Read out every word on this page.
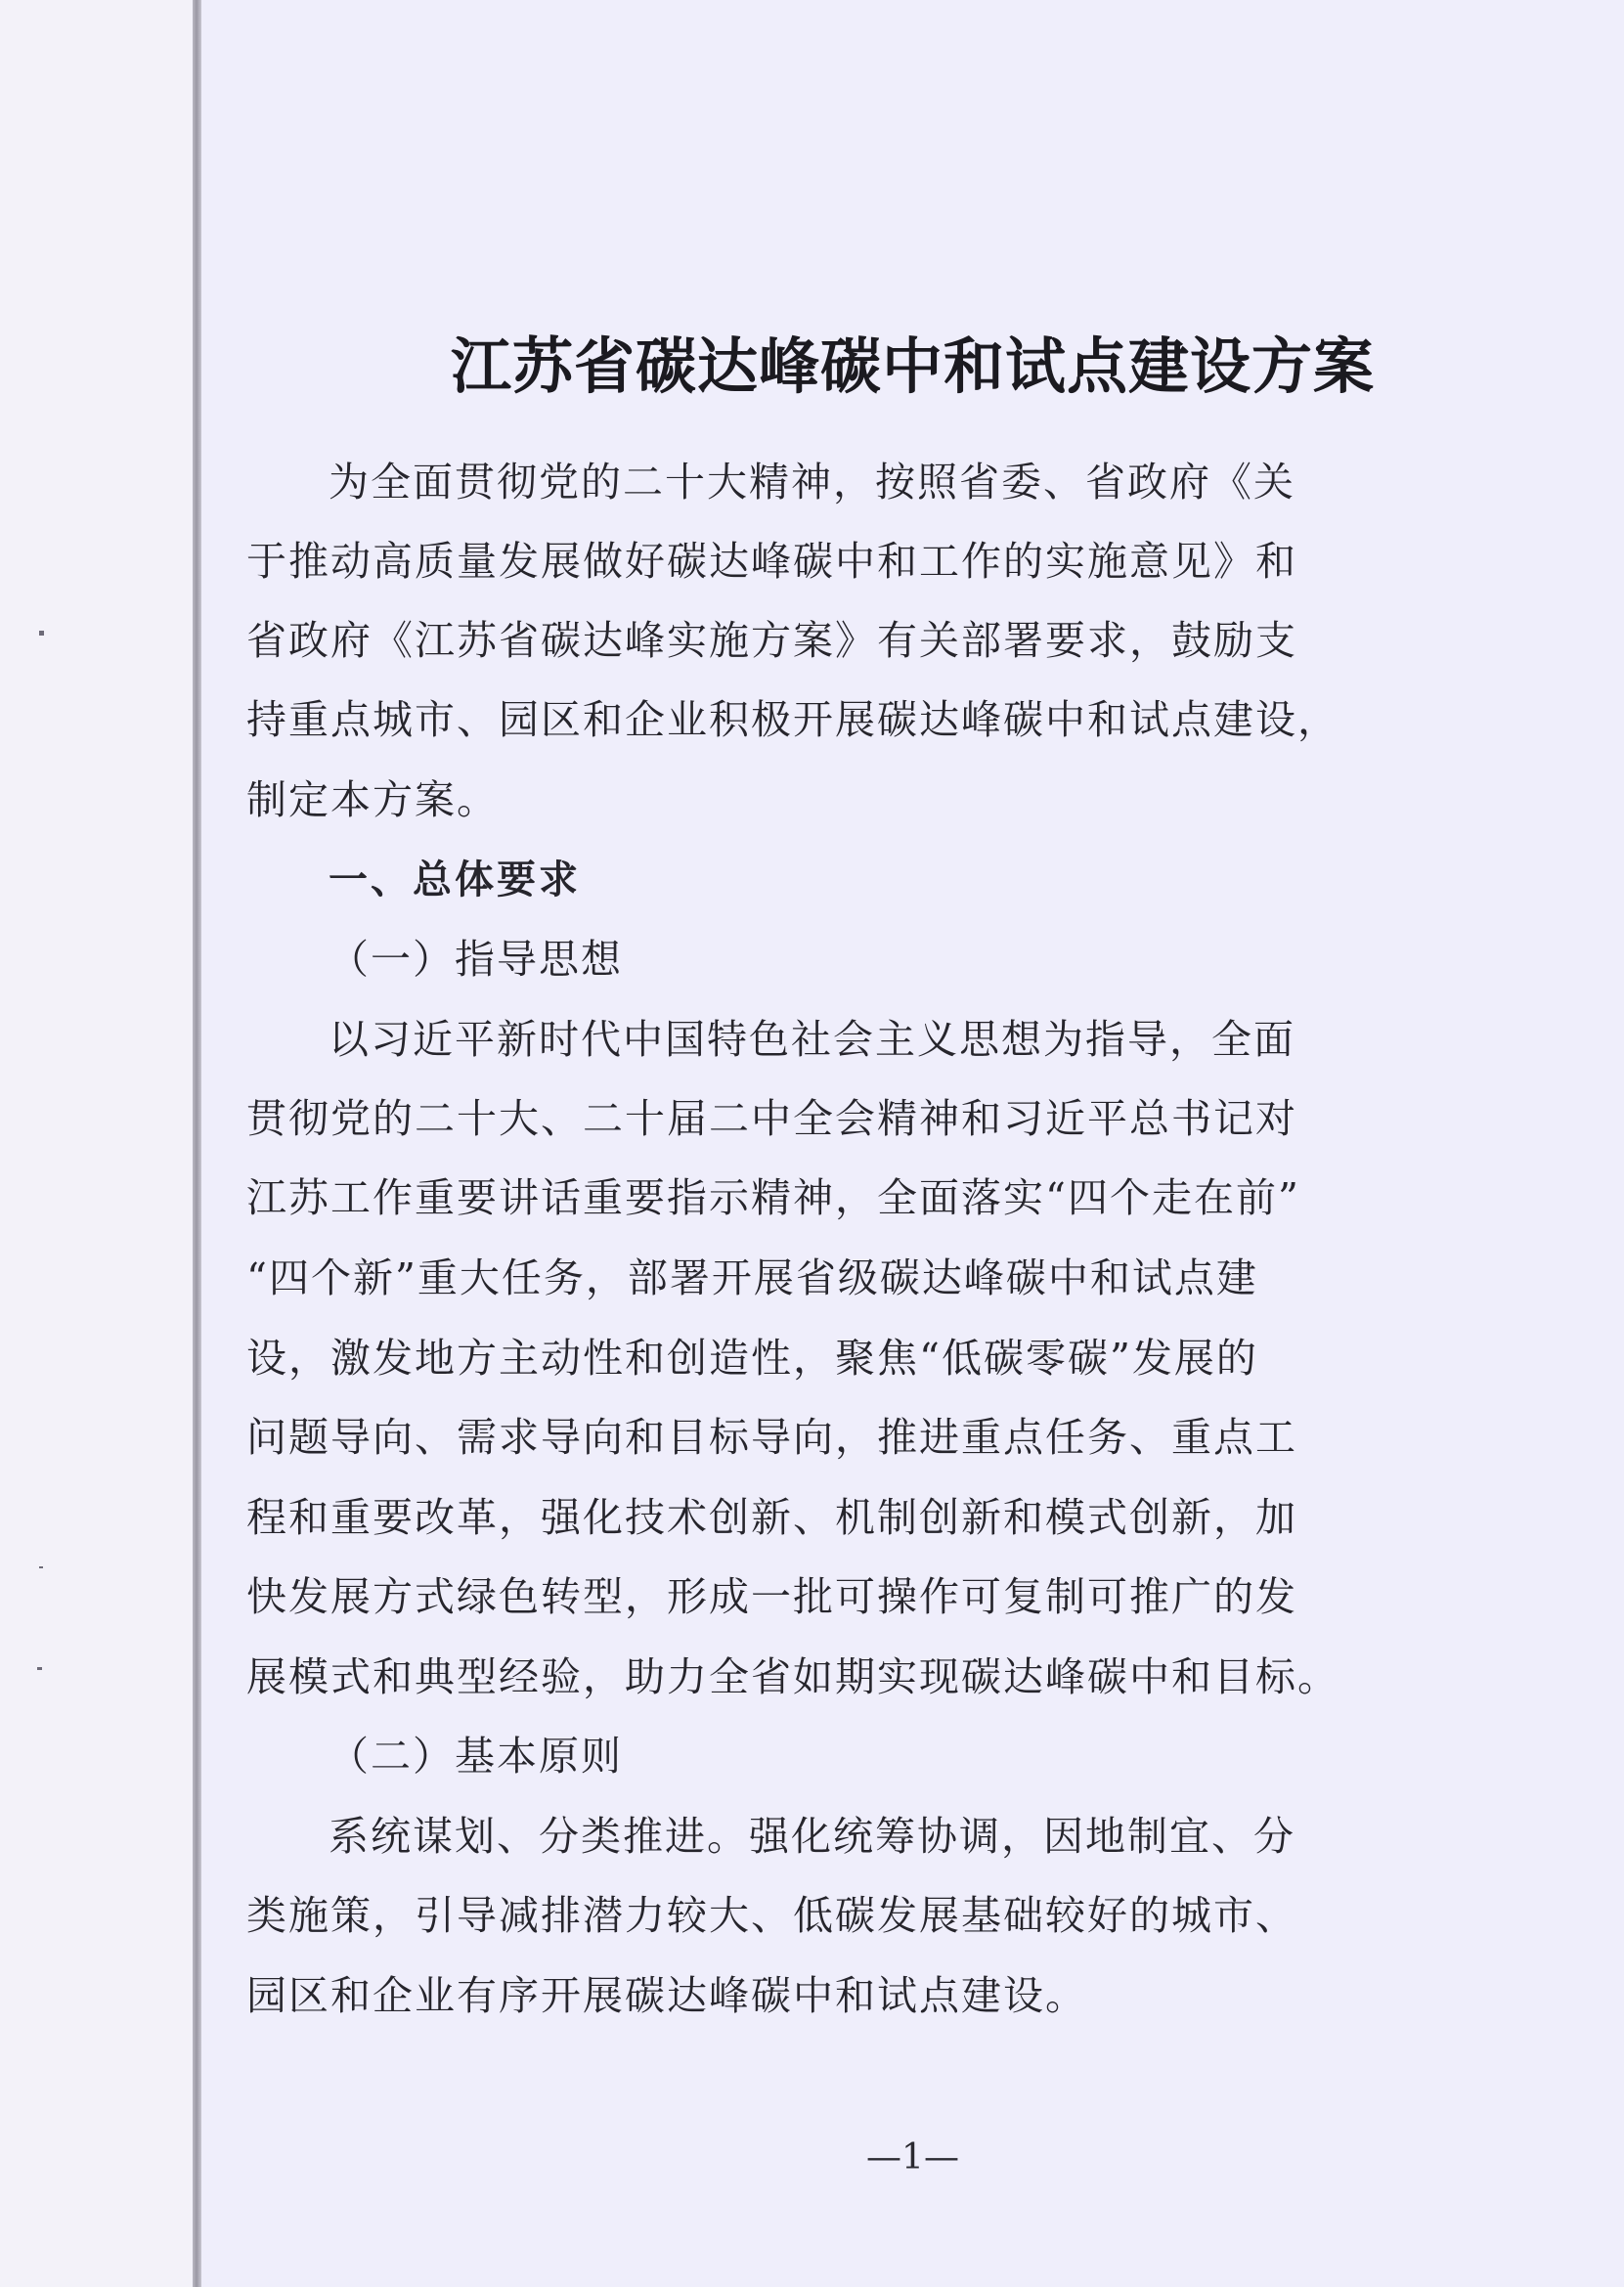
江苏省碳达峰碳中和试点建设方案
为全面贯彻党的二十大精神，按照省委、省政府《关
于推动高质量发展做好碳达峰碳中和工作的实施意见》和
省政府《江苏省碳达峰实施方案》有关部署要求，鼓励支
持重点城市、园区和企业积极开展碳达峰碳中和试点建设，
制定本方案。
一、总体要求
（一）指导思想
以习近平新时代中国特色社会主义思想为指导，全面
贯彻党的二十大、二十届二中全会精神和习近平总书记对
江苏工作重要讲话重要指示精神，全面落实“四个走在前”
“四个新”重大任务，部署开展省级碳达峰碳中和试点建
设，激发地方主动性和创造性，聚焦“低碳零碳”发展的
问题导向、需求导向和目标导向，推进重点任务、重点工
程和重要改革，强化技术创新、机制创新和模式创新，加
快发展方式绿色转型，形成一批可操作可复制可推广的发
展模式和典型经验，助力全省如期实现碳达峰碳中和目标。
（二）基本原则
系统谋划、分类推进。强化统筹协调，因地制宜、分
类施策，引导减排潜力较大、低碳发展基础较好的城市、
园区和企业有序开展碳达峰碳中和试点建设。
—1—
